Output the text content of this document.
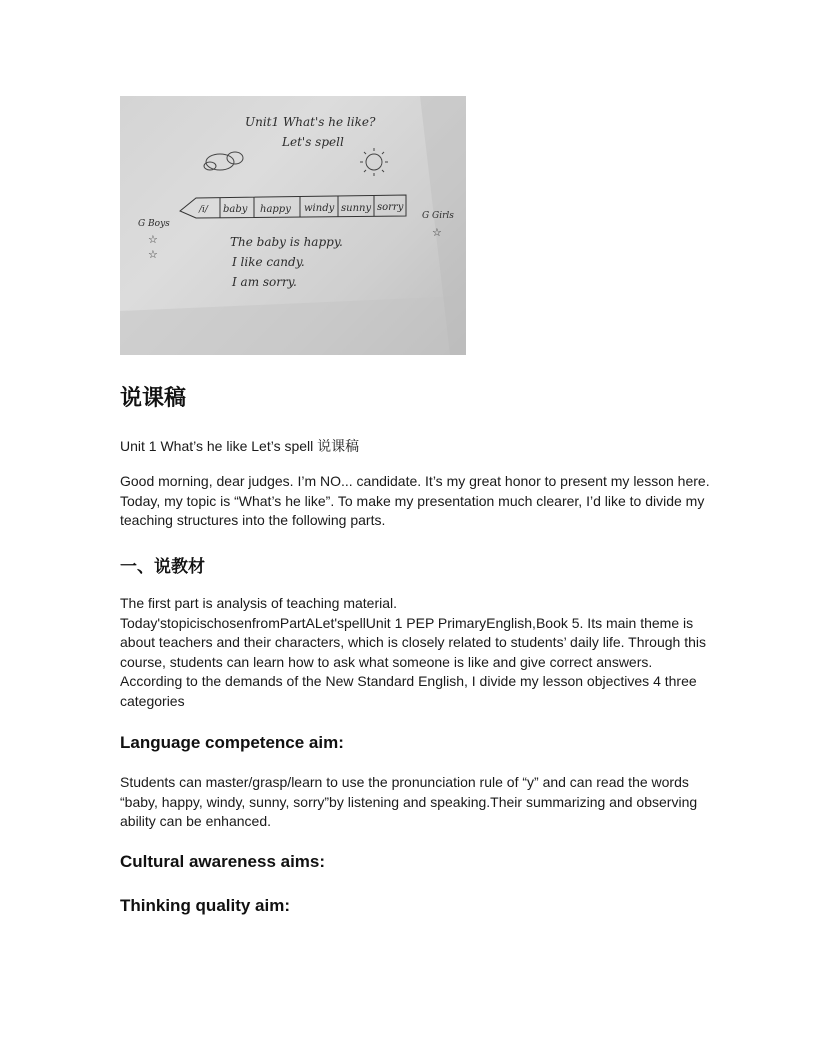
Unit1 What's he like?
Let's spell
/i/ baby happy windy sunny sorry
G Boys
☆
☆
G Girls
☆
The baby is happy.
I like candy.
I am sorry.
说课稿

Unit 1 What’s he like Let’s spell 说课稿

Good morning, dear judges. I’m NO... candidate. It’s my great honor to present my lesson here. Today, my topic is “What’s he like”. To make my presentation much clearer, I’d like to divide my teaching structures into the following parts.

一、说教材
The first part is analysis of teaching material.
Today'stopicischosenfromPartALet'spellUnit 1 PEP PrimaryEnglish,Book 5. Its main theme is about teachers and their characters, which is closely related to students’ daily life. Through this course, students can learn how to ask what someone is like and give correct answers. According to the demands of the New Standard English, I divide my lesson objectives 4 three categories
Language competence aim:

Students can master/grasp/learn to use the pronunciation rule of “y” and can read the words “baby, happy, windy, sunny, sorry”by listening and speaking.Their summarizing and observing ability can be enhanced.

Cultural awareness aims:
Thinking quality aim:
